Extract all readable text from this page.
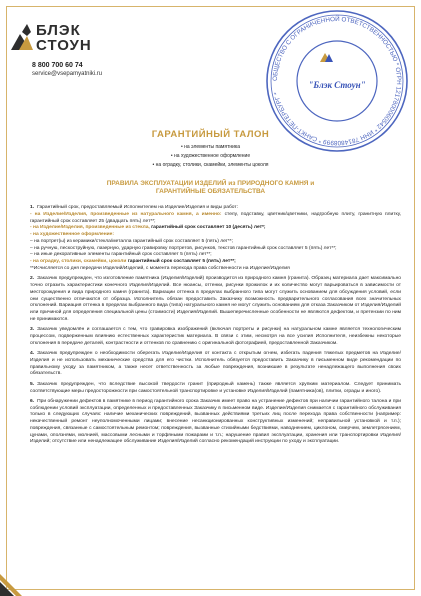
БЛЭК
СТОУН
8 800 700 60 74
service@vsepamyatniki.ru
ОБЩЕСТВО С ОГРАНИЧЕННОЙ ОТВЕТСТВЕННОСТЬЮ * ОГРН 1217800060542 * ИНН 7814808999 * САНКТ-ПЕТЕРБУРГ *
"Блэк Стоун"
ГАРАНТИЙНЫЙ ТАЛОН
• на элементы памятника
• на художественное оформление
• на оградку, столики, скамейки, элементы цоколя
ПРАВИЛА ЭКСПЛУАТАЦИИ ИЗДЕЛИЙ из ПРИРОДНОГО КАМНЯ и ГАРАНТИЙНЫЕ ОБЯЗАТЕЛЬСТВА

1. Гарантийный срок, предоставляемый Исполнителем на Изделие/Изделия и виды работ:
- на Изделие/Изделия, произведенные из натурального камня, а именно: стелу, подставку, цветник/цветники, надгробную плиту, гранитную плитку, гарантийный срок составляет 25 (двадцать пять) лет**;
- на Изделие/Изделия, произведенные из стекла, гарантийный срок составляет 10 (десять) лет*;
- на художественное оформление:
– на портрет(ы) из керамики/стекла/металла гарантийный срок составляет 5 (пять) лет**;
– на ручную, пескоструйную, лазерную, ударную гравировку портретов, рисунков, текстов гарантийный срок составляет 5 (пять) лет**;
– на иные декоративные элементы гарантийный срок составляет 5 (пять) лет**;
- на оградку, столики, скамейки, цоколи гарантийный срок составляет 5 (пять) лет**;
**Исчисляется со дня передачи Изделий/Изделий, с момента перехода права собственности на Изделие/Изделия

2. Заказчик предупрежден, что изготовление памятника (Изделия/Изделий) производится из природного камня (гранита). Образец материала дает максимально точно отразить характеристики конечного Изделия/Изделий. Все нюансы, оттенки, рисунки прожилок и их количество могут варьироваться в зависимости от месторождения и вида природного камня (гранита). Вариации оттенка в пределах выбранного типа могут служить основанием для обсуждения условий, если они существенно отличаются от образца. Исполнитель обязан предоставить Заказчику возможность предварительного согласования всех значительных отклонений. Вариация оттенка в пределах выбранного вида (типа) натурального камня не могут служить основанием для отказа Заказчиком от Изделия/Изделий или причиной для определения специальной цены (стоимости) Изделия/Изделий. Вышеперечисленные особенности не являются дефектом, и претензии по ним не принимаются.

3. Заказчик уведомлён и соглашается с тем, что гравировка изображений (включая портреты и рисунки) на натуральном камне является технологическим процессом, подверженным влиянию естественных характеристик материала. В связи с этим, несмотря на все усилия Исполнителя, неизбежны некоторые отклонения в передаче деталей, контрастности и оттенков по сравнению с оригинальной фотографией, предоставленной Заказчиком.

4. Заказчик предупрежден о необходимости оберегать Изделие/Изделия от контакта с открытым огнем, избегать падения тяжелых предметов на Изделие/Изделия и не использовать механические средства для его чистки. Исполнитель обязуется предоставить Заказчику в письменном виде рекомендации по правильному уходу за памятником, а также несет ответственность за любые повреждения, возникшие в результате ненадлежащего выполнения своих обязательств.

5. Заказчик предупрежден, что вследствие высокой твердости гранит (природный камень) также является хрупким материалом. Следует принимать соответствующие меры предосторожности при самостоятельной транспортировке и установке Изделия/Изделий (памятника(ов), плитки, ограды и иного).

6. При обнаружении дефектов в памятнике в период гарантийного срока Заказчик имеет право на устранение дефектов при наличии гарантийного талона и при соблюдении условий эксплуатации, определенных и предоставленных Заказчику в письменном виде. Изделие/Изделия снимается с гарантийного обслуживания только в следующих случаях: наличие механических повреждений, вызванных действиями третьих лиц после перехода права собственности (например: некачественный ремонт неуполномоченными лицами; внесение несанкционированных конструктивных изменений; неправильной установкой и т.п.); повреждения, связанные с самостоятельным ремонтом; повреждения, вызванные стихийными бедствиями, наводнением, циклоном, смерчем, землетрясением, цунами, оползнями, молнией, массовыми лесными и торфяными пожарами и т.п.; нарушение правил эксплуатации, хранения или транспортировки Изделия/Изделий; отсутствие или ненадлежащее обслуживание Изделия/Изделий согласно рекомендаций инструкции по уходу и эксплуатации.
